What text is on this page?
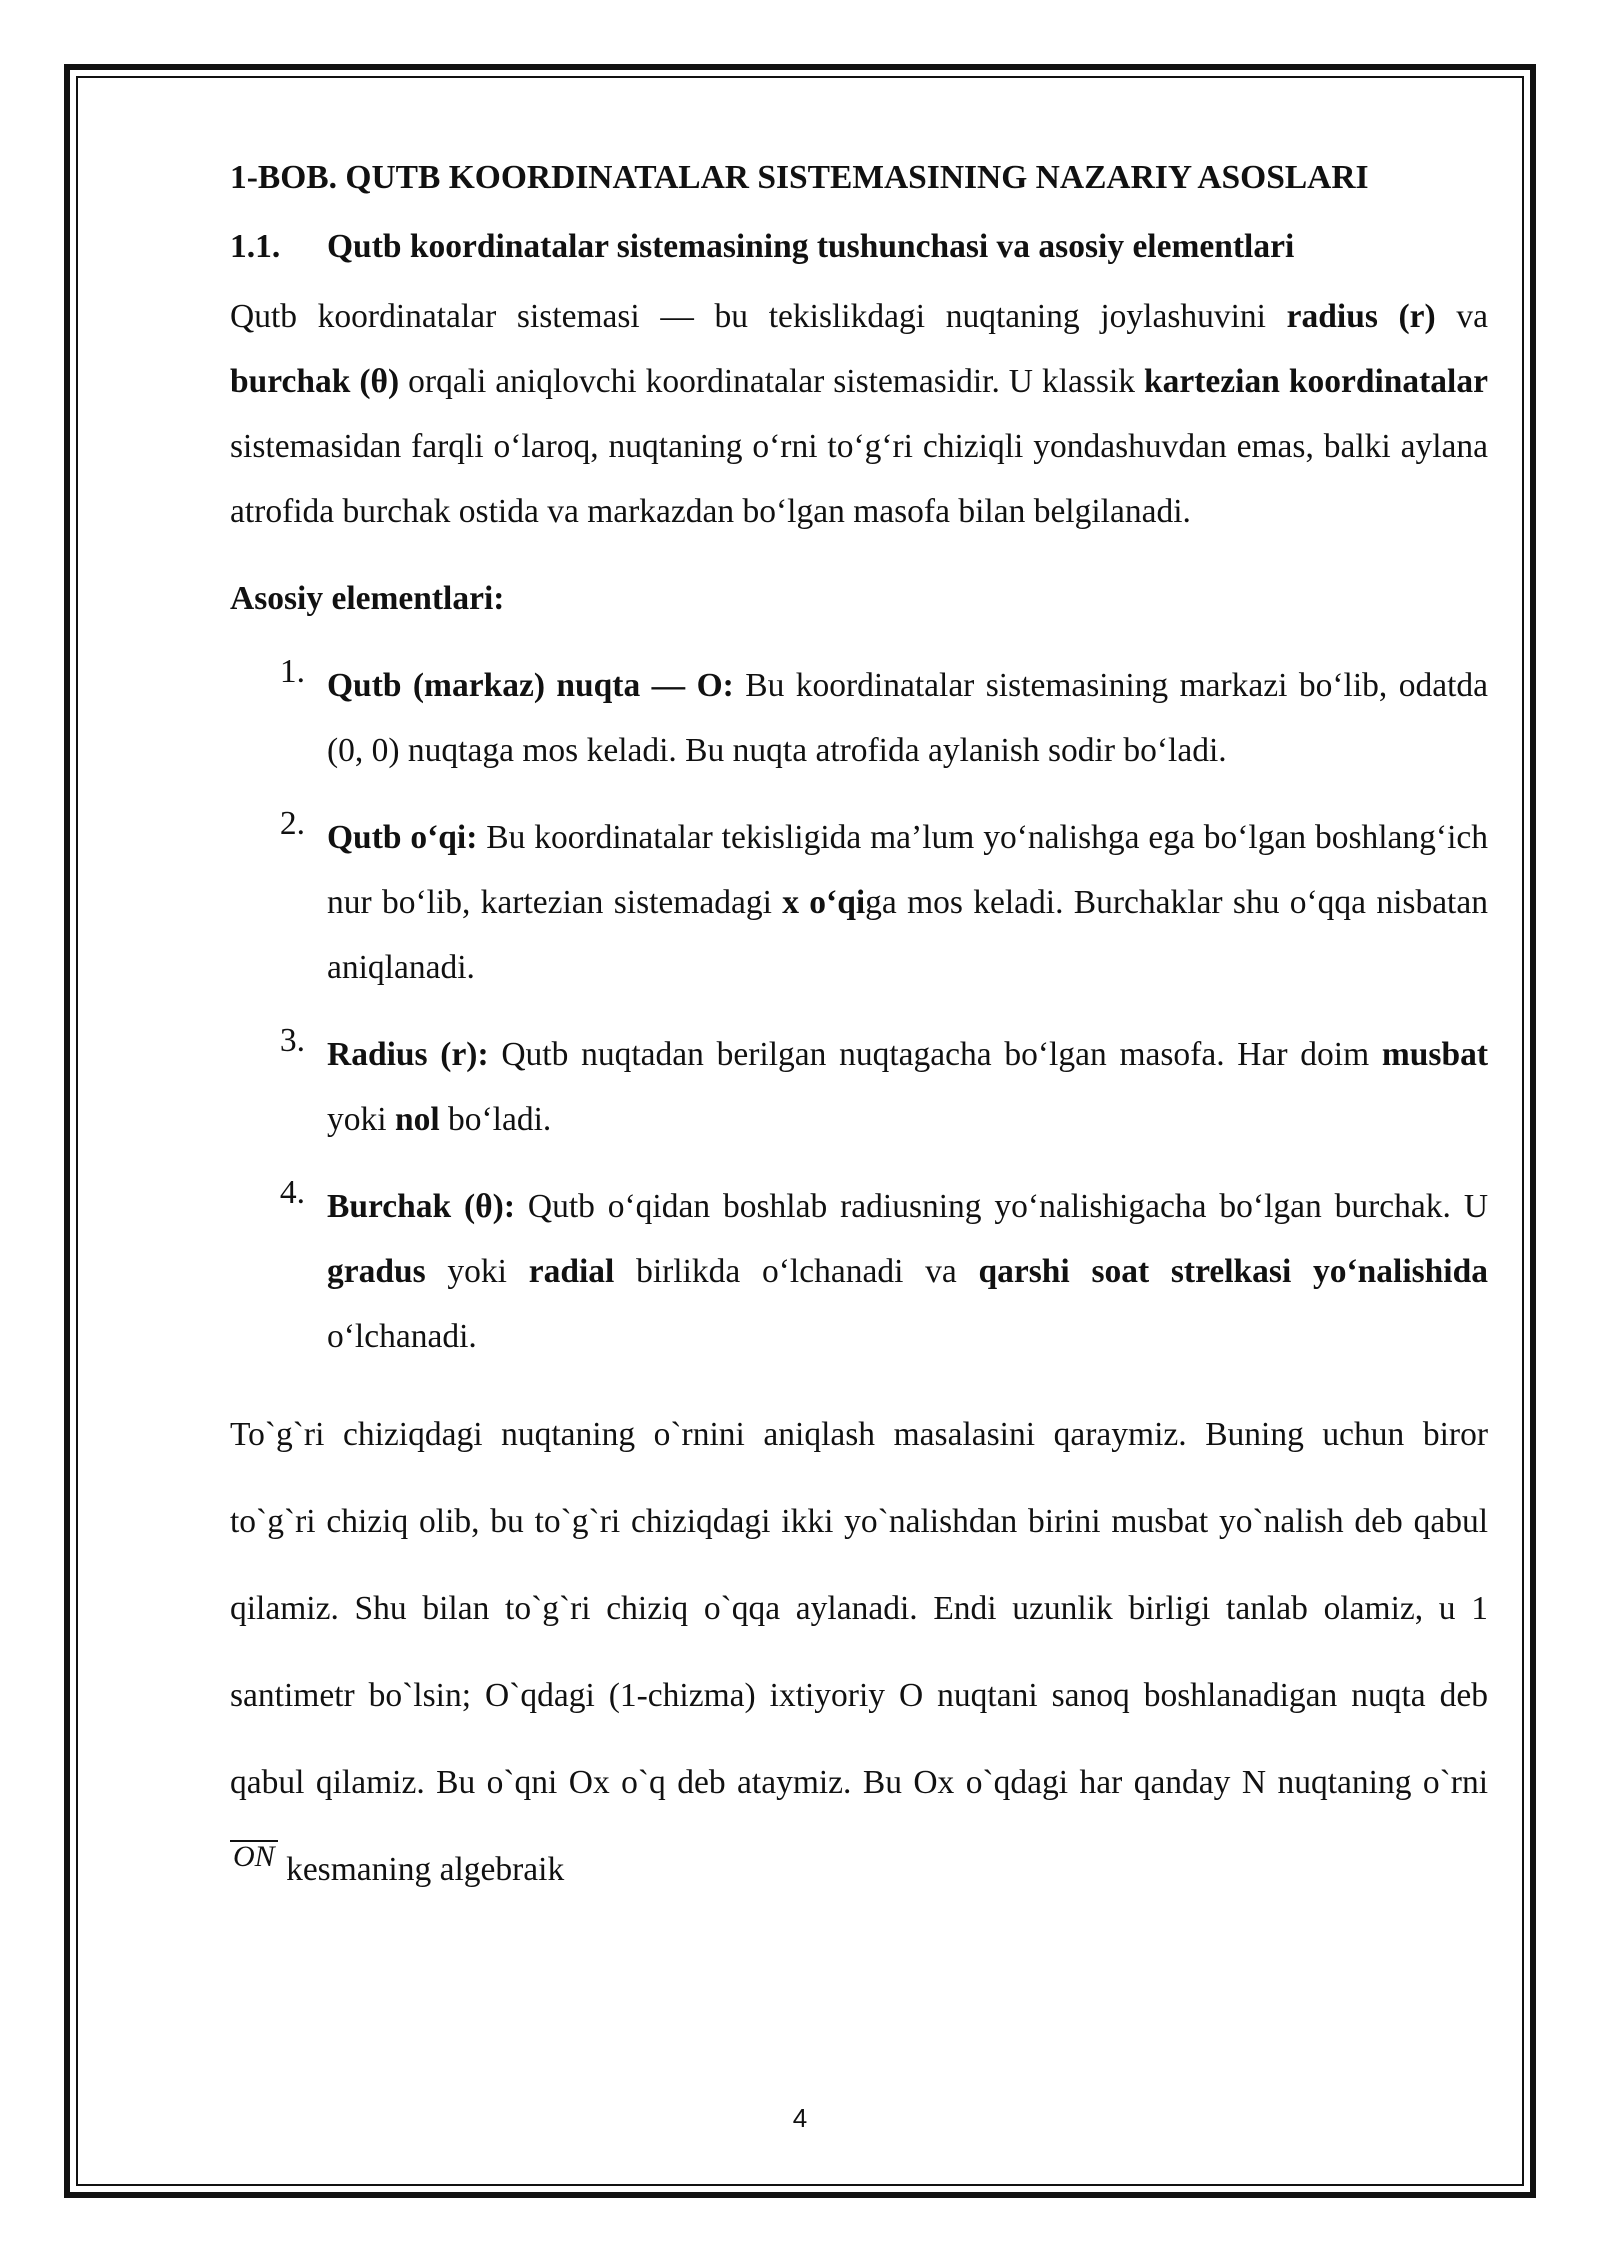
1-BOB. QUTB KOORDINATALAR SISTEMASINING NAZARIY ASOSLARI

1.1.	Qutb koordinatalar sistemasining tushunchasi va asosiy elementlari

Qutb koordinatalar sistemasi — bu tekislikdagi nuqtaning joylashuvini radius (r) va burchak (θ) orqali aniqlovchi koordinatalar sistemasidir. U klassik kartezian koordinatalar sistemasidan farqli o‘laroq, nuqtaning o‘rni to‘g‘ri chiziqli yondashuvdan emas, balki aylana atrofida burchak ostida va markazdan bo‘lgan masofa bilan belgilanadi.

Asosiy elementlari:

1. Qutb (markaz) nuqta — O: Bu koordinatalar sistemasining markazi bo‘lib, odatda (0, 0) nuqtaga mos keladi. Bu nuqta atrofida aylanish sodir bo‘ladi.
2. Qutb o‘qi: Bu koordinatalar tekisligida ma’lum yo‘nalishga ega bo‘lgan boshlang‘ich nur bo‘lib, kartezian sistemadagi x o‘qiga mos keladi. Burchaklar shu o‘qqa nisbatan aniqlanadi.
3. Radius (r): Qutb nuqtadan berilgan nuqtagacha bo‘lgan masofa. Har doim musbat yoki nol bo‘ladi.
4. Burchak (θ): Qutb o‘qidan boshlab radiusning yo‘nalishigacha bo‘lgan burchak. U gradus yoki radial birlikda o‘lchanadi va qarshi soat strelkasi yo‘nalishida o‘lchanadi.

To`g`ri chiziqdagi nuqtaning o`rnini aniqlash masalasini qaraymiz. Buning uchun biror to`g`ri chiziq olib, bu to`g`ri chiziqdagi ikki yo`nalishdan birini musbat yo`nalish deb qabul qilamiz. Shu bilan to`g`ri chiziq o`qqa aylanadi. Endi uzunlik birligi tanlab olamiz, u 1 santimetr bo`lsin; O`qdagi (1-chizma) ixtiyoriy O nuqtani sanoq boshlanadigan nuqta deb qabul qilamiz. Bu o`qni Ox o`q deb ataymiz. Bu Ox o`qdagi har qanday N nuqtaning o`rni ON kesmaning algebraik

4
